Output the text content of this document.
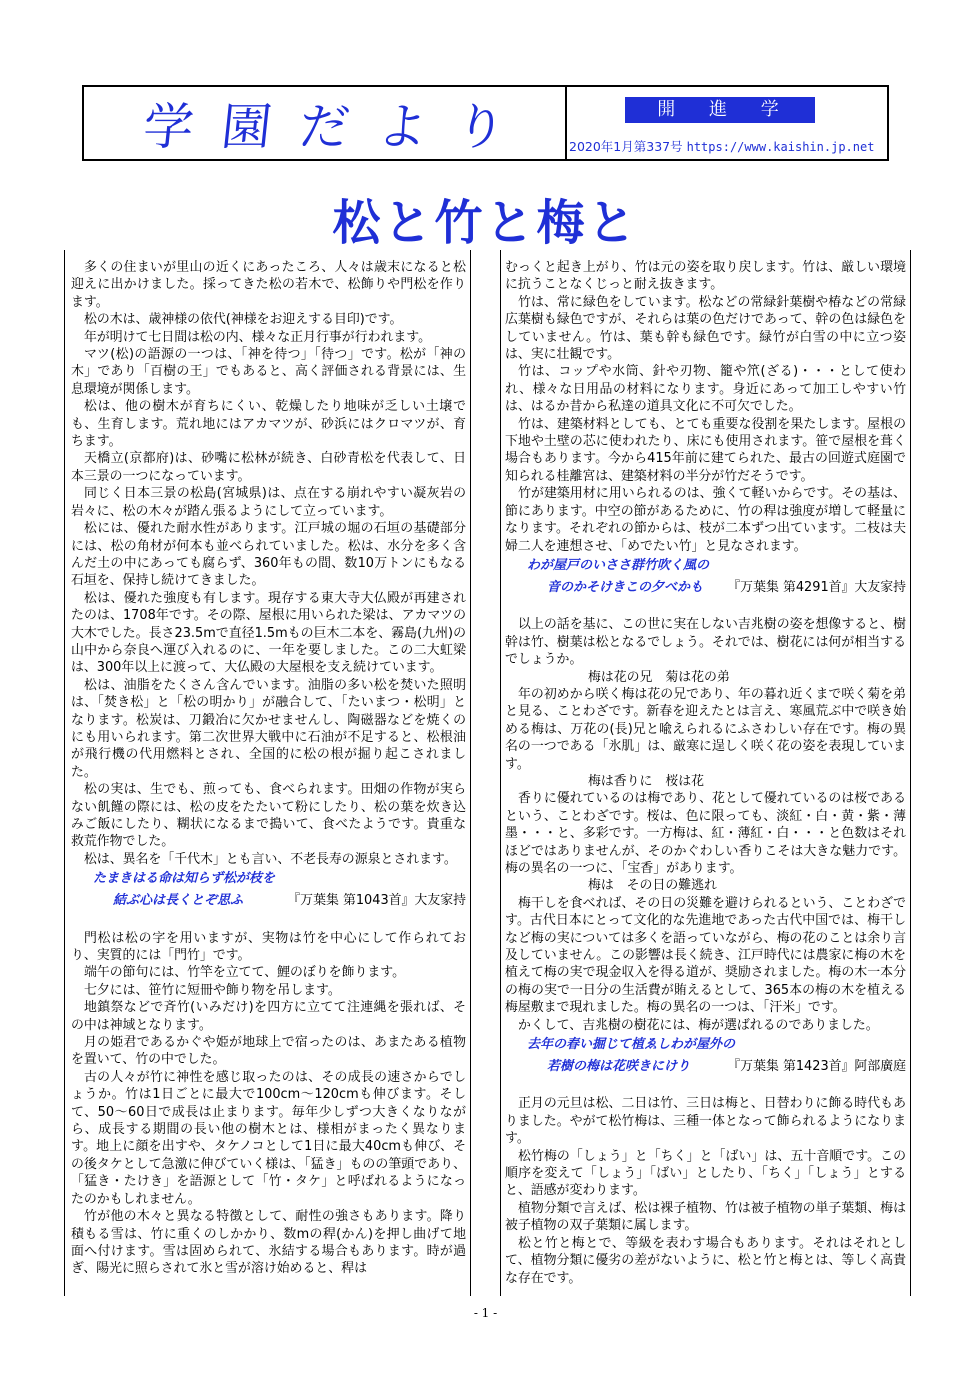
学園だより	開 進 学 園
2020年1月第337号 https://www.kaishin.jp.net
松と竹と梅と

多くの住まいが里山の近くにあったころ、人々は歳末になると松迎えに出かけました。採ってきた松の若木で、松飾りや門松を作ります。

松の木は、歳神様の依代(神様をお迎えする目印)です。

年が明けて七日間は松の内、様々な正月行事が行われます。

マツ(松)の語源の一つは、「神を待つ」「待つ」です。松が「神の木」であり「百樹の王」でもあると、高く評価される背景には、生息環境が関係します。

松は、他の樹木が育ちにくい、乾燥したり地味が乏しい土壌でも、生育します。荒れ地にはアカマツが、砂浜にはクロマツが、育ちます。

天橋立(京都府)は、砂嘴に松林が続き、白砂青松を代表して、日本三景の一つになっています。

同じく日本三景の松島(宮城県)は、点在する崩れやすい凝灰岩の岩々に、松の木々が踏ん張るようにして立っています。

松には、優れた耐水性があります。江戸城の堀の石垣の基礎部分には、松の角材が何本も並べられていました。松は、水分を多く含んだ土の中にあっても腐らず、360年もの間、数10万トンにもなる石垣を、保持し続けてきました。

松は、優れた強度も有します。現存する東大寺大仏殿が再建されたのは、1708年です。その際、屋根に用いられた梁は、アカマツの大木でした。長さ23.5mで直径1.5mもの巨木二本を、霧島(九州)の山中から奈良へ運び入れるのに、一年を要しました。この二大虹梁は、300年以上に渡って、大仏殿の大屋根を支え続けています。

松は、油脂をたくさん含んでいます。油脂の多い松を焚いた照明は、「焚き松」と「松の明かり」が融合して、「たいまつ・松明」となります。松炭は、刀鍛冶に欠かせませんし、陶磁器などを焼くのにも用いられます。第二次世界大戦中に石油が不足すると、松根油が飛行機の代用燃料とされ、全国的に松の根が掘り起こされました。

松の実は、生でも、煎っても、食べられます。田畑の作物が実らない飢饉の際には、松の皮をたたいて粉にしたり、松の葉を炊き込みご飯にしたり、糊状になるまで搗いて、食べたようです。貴重な救荒作物でした。

松は、異名を「千代木」とも言い、不老長寿の源泉とされます。

たまきはる命は知らず松が枝を
結ぶ心は長くとぞ思ふ	『万葉集 第1043首』大友家持

門松は松の字を用いますが、実物は竹を中心にして作られており、実質的には「門竹」です。

端午の節句には、竹竿を立てて、鯉のぼりを飾ります。

七夕には、笹竹に短冊や飾り物を吊します。

地鎮祭などで斉竹(いみだけ)を四方に立てて注連縄を張れば、その中は神域となります。

月の姫君であるかぐや姫が地球上で宿ったのは、あまたある植物を置いて、竹の中でした。

古の人々が竹に神性を感じ取ったのは、その成長の速さからでしょうか。竹は1日ごとに最大で100cm～120cmも伸びます。そして、50～60日で成長は止まります。毎年少しずつ大きくなりながら、成長する期間の長い他の樹木とは、様相がまったく異なります。地上に顔を出すや、タケノコとして1日に最大40cmも伸び、その後タケとして急激に伸びていく様は、「猛き」ものの筆頭であり、「猛き・たけき」を語源として「竹・タケ」と呼ばれるようになったのかもしれません。

竹が他の木々と異なる特徴として、耐性の強さもあります。降り積もる雪は、竹に重くのしかかり、数mの稈(かん)を押し曲げて地面へ付けます。雪は固められて、氷結する場合もあります。時が過ぎ、陽光に照らされて氷と雪が溶け始めると、稈は

むっくと起き上がり、竹は元の姿を取り戻します。竹は、厳しい環境に抗うことなくじっと耐え抜きます。

竹は、常に緑色をしています。松などの常緑針葉樹や椿などの常緑広葉樹も緑色ですが、それらは葉の色だけであって、幹の色は緑色をしていません。竹は、葉も幹も緑色です。緑竹が白雪の中に立つ姿は、実に壮観です。

竹は、コップや水筒、針や刃物、籠や笊(ざる)・・・として使われ、様々な日用品の材料になります。身近にあって加工しやすい竹は、はるか昔から私達の道具文化に不可欠でした。

竹は、建築材料としても、とても重要な役割を果たします。屋根の下地や土壁の芯に使われたり、床にも使用されます。笹で屋根を葺く場合もあります。今から415年前に建てられた、最古の回遊式庭園で知られる桂離宮は、建築材料の半分が竹だそうです。

竹が建築用材に用いられるのは、強くて軽いからです。その基は、節にあります。中空の節があるために、竹の稈は強度が増して軽量になります。それぞれの節からは、枝が二本ずつ出ています。二枝は夫婦二人を連想させ、「めでたい竹」と見なされます。

わが屋戸のいささ群竹吹く風の
音のかそけきこの夕べかも 『万葉集 第4291首』大友家持

以上の話を基に、この世に実在しない吉兆樹の姿を想像すると、樹幹は竹、樹葉は松となるでしょう。それでは、樹花には何が相当するでしょうか。

梅は花の兄　菊は花の弟

年の初めから咲く梅は花の兄であり、年の暮れ近くまで咲く菊を弟と見る、ことわざです。新春を迎えたとは言え、寒風荒ぶ中で咲き始める梅は、万花の(長)兄と喩えられるにふさわしい存在です。梅の異名の一つである「氷肌」は、厳寒に逞しく咲く花の姿を表現しています。

梅は香りに　桜は花

香りに優れているのは梅であり、花として優れているのは桜であるという、ことわざです。桜は、色に限っても、淡紅・白・黄・紫・薄墨・・・と、多彩です。一方梅は、紅・薄紅・白・・・と色数はそれほどではありませんが、そのかぐわしい香りこそは大きな魅力です。梅の異名の一つに、「宝香」があります。

梅は　その日の難逃れ

梅干しを食べれば、その日の災難を避けられるという、ことわざです。古代日本にとって文化的な先進地であった古代中国では、梅干しなど梅の実については多くを語っていながら、梅の花のことは余り言及していません。この影響は長く続き、江戸時代には農家に梅の木を植えて梅の実で現金収入を得る道が、奨励されました。梅の木一本分の梅の実で一日分の生活費が賄えるとして、365本の梅の木を植える梅屋敷まで現れました。梅の異名の一つは、「汗米」です。

かくして、吉兆樹の樹花には、梅が選ばれるのでありました。

去年の春い掘じて植ゑしわが屋外の
若樹の梅は花咲きにけり	『万葉集 第1423首』阿部廣庭

正月の元旦は松、二日は竹、三日は梅と、日替わりに飾る時代もありました。やがて松竹梅は、三種一体となって飾られるようになります。

松竹梅の「しょう」と「ちく」と「ばい」は、五十音順です。この順序を変えて「しょう」「ばい」としたり、「ちく」「しょう」とすると、語感が変わります。

植物分類で言えば、松は裸子植物、竹は被子植物の単子葉類、梅は被子植物の双子葉類に属します。

松と竹と梅とで、等級を表わす場合もあります。それはそれとして、植物分類に優劣の差がないように、松と竹と梅とは、等しく高貴な存在です。

- 1 -
